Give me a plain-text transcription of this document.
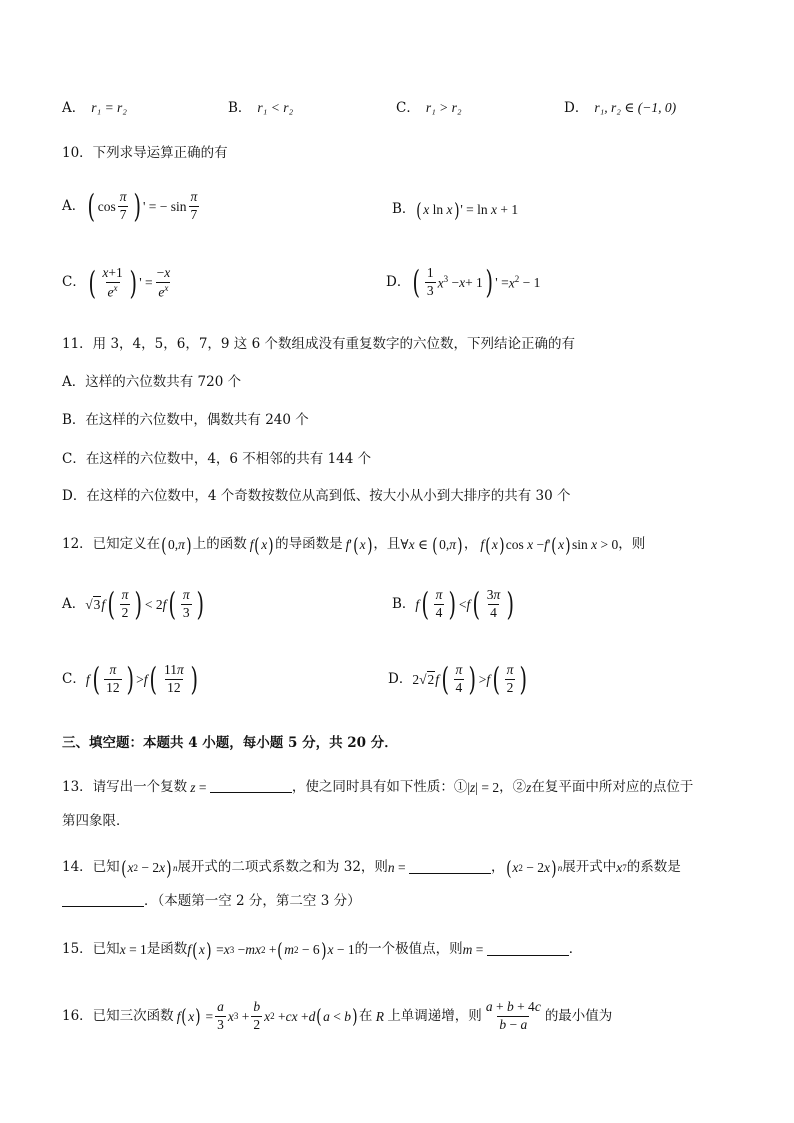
A． r₁ = r₂	B． r₁ < r₂	C． r₁ > r₂	D． r₁, r₂ ∈ (−1, 0)
10．下列求导运算正确的有
A． ( $\cos \frac{\pi}{7}$ ) ' = − $\sin \frac{\pi}{7}$	B． ( x ln x ) ' = ln x + 1
C． ( $\frac{x+1}{e^x}$ ) ' = $\frac{-x}{e^x}$	D． ( $\frac{1}{3} x^3 - x + 1$ ) ' = $x^2 - 1$
11．用 3，4，5，6，7，9 这 6 个数组成没有重复数字的六位数，下列结论正确的有
A．这样的六位数共有 720 个
B．在这样的六位数中，偶数共有 240 个
C．在这样的六位数中，4，6 不相邻的共有 144 个
D．在这样的六位数中，4 个奇数按数位从高到低、按大小从小到大排序的共有 30 个
12．已知定义在 ( 0, π ) 上的函数 f ( x ) 的导函数是 f ' ( x ) ，且 ∀ x ∈ ( 0, π ) ， f ( x ) cos x − f ' ( x ) sin x > 0 ，则
A． √3 f ( $\frac{\pi}{2}$ ) < 2 f ( $\frac{\pi}{3}$ )	B． f ( $\frac{\pi}{4}$ ) < f ( $\frac{3\pi}{4}$ )
C． f ( $\frac{\pi}{12}$ ) > f ( $\frac{11\pi}{12}$ )	D． 2√2 f ( $\frac{\pi}{4}$ ) > f ( $\frac{\pi}{2}$ )
三、填空题：本题共 4 小题，每小题 5 分，共 20 分．
13．请写出一个复数 z =	，使之同时具有如下性质：① | z | = 2 ，② z 在复平面中所对应的点位于
第四象限．
14．已知 ( x 2 − 2 x ) n 展开式的二项式系数之和为 32，则 n =	， ( x 2 − 2 x ) n 展开式中 x 7 的系数是
．（本题第一空 2 分，第二空 3 分）
15．已知 x = 1 是函数 f ( x ) = x 3 − mx 2 + ( m 2 − 6 ) x − 1 的一个极值点，则 m =	．
16．已知三次函数 f ( x ) = $\frac{a}{3}$ x $3 + \frac{b}{2}$ x 2 + cx + d ( a < b ) 在 R 上单调递增，则 $\frac{a + b + 4c}{b - a}$ 的最小值为
